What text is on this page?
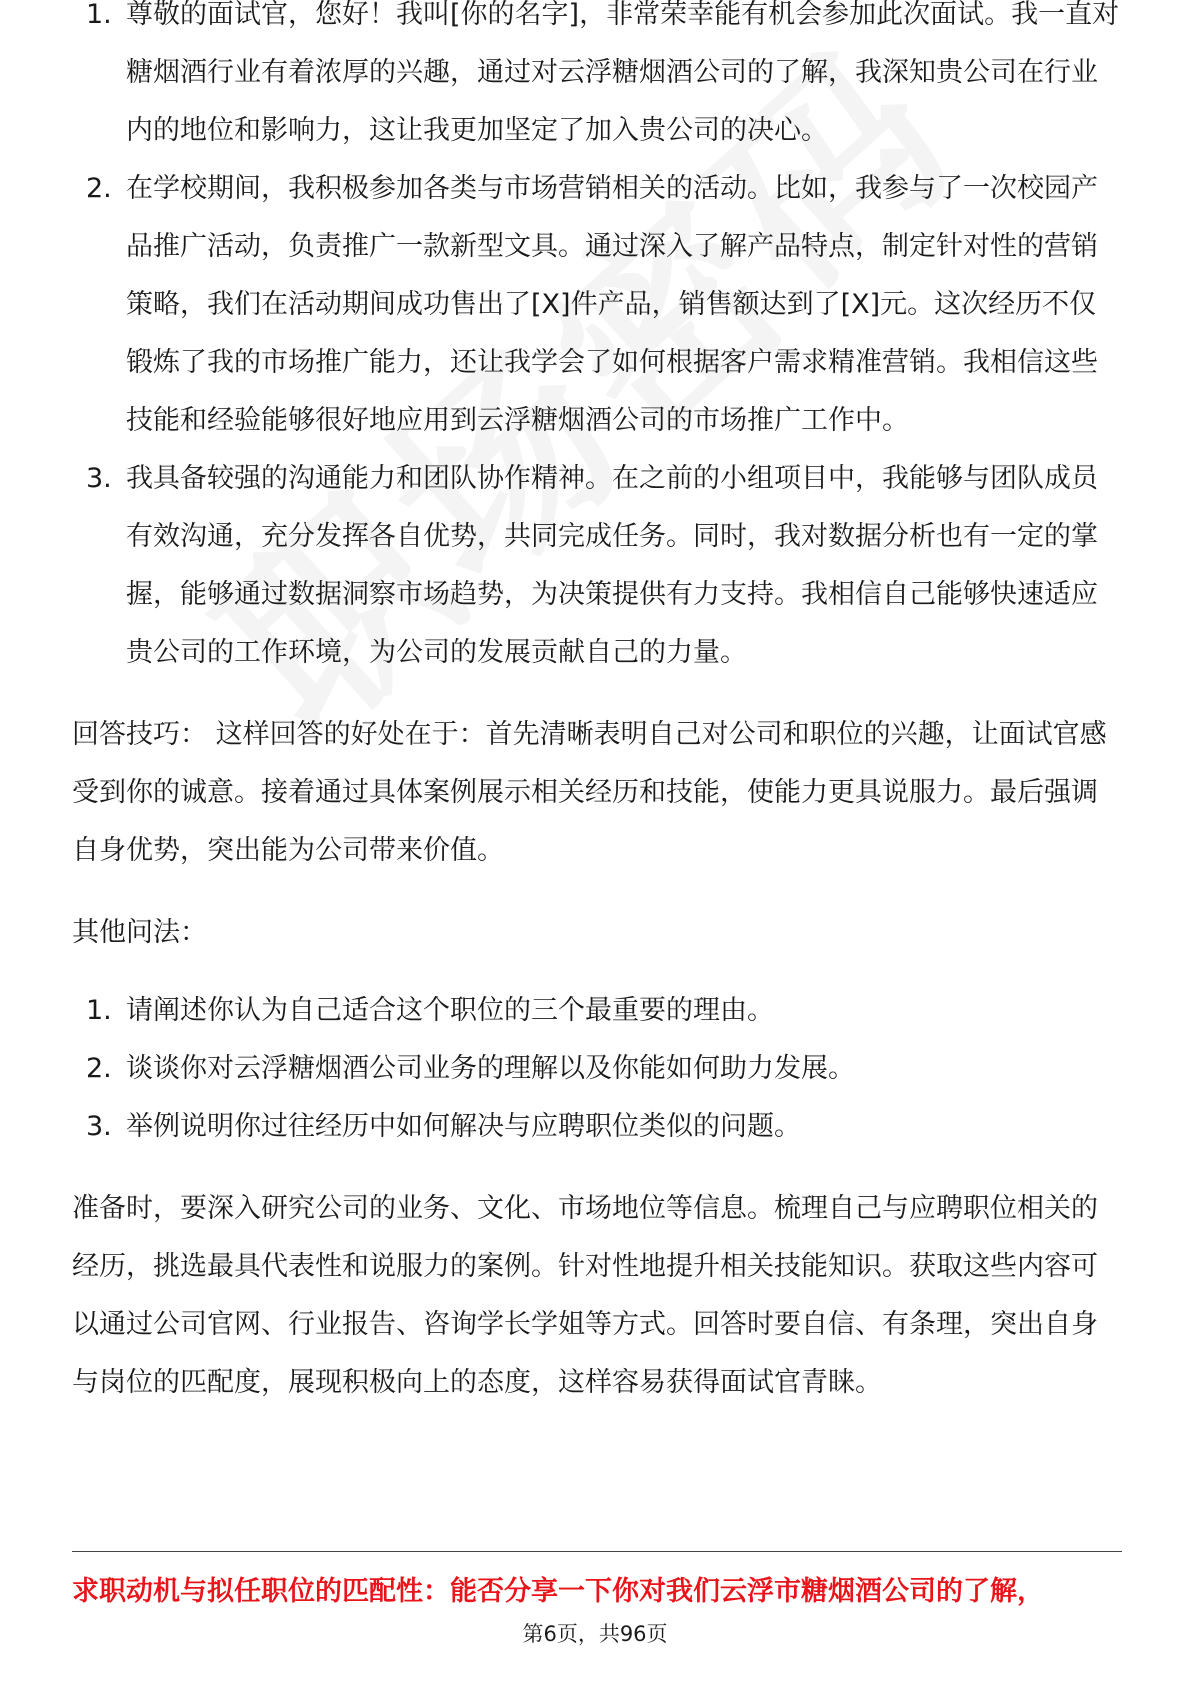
1. 尊敬的面试官，您好！我叫[你的名字]，非常荣幸能有机会参加此次面试。我一直对糖烟酒行业有着浓厚的兴趣，通过对云浮糖烟酒公司的了解，我深知贵公司在行业内的地位和影响力，这让我更加坚定了加入贵公司的决心。
2. 在学校期间，我积极参加各类与市场营销相关的活动。比如，我参与了一次校园产品推广活动，负责推广一款新型文具。通过深入了解产品特点，制定针对性的营销策略，我们在活动期间成功售出了[X]件产品，销售额达到了[X]元。这次经历不仅锻炼了我的市场推广能力，还让我学会了如何根据客户需求精准营销。我相信这些技能和经验能够很好地应用到云浮糖烟酒公司的市场推广工作中。
3. 我具备较强的沟通能力和团队协作精神。在之前的小组项目中，我能够与团队成员有效沟通，充分发挥各自优势，共同完成任务。同时，我对数据分析也有一定的掌握，能够通过数据洞察市场趋势，为决策提供有力支持。我相信自己能够快速适应贵公司的工作环境，为公司的发展贡献自己的力量。

回答技巧： 这样回答的好处在于：首先清晰表明自己对公司和职位的兴趣，让面试官感受到你的诚意。接着通过具体案例展示相关经历和技能，使能力更具说服力。最后强调自身优势，突出能为公司带来价值。

其他问法：

1. 请阐述你认为自己适合这个职位的三个最重要的理由。
2. 谈谈你对云浮糖烟酒公司业务的理解以及你能如何助力发展。
3. 举例说明你过往经历中如何解决与应聘职位类似的问题。

准备时，要深入研究公司的业务、文化、市场地位等信息。梳理自己与应聘职位相关的经历，挑选最具代表性和说服力的案例。针对性地提升相关技能知识。获取这些内容可以通过公司官网、行业报告、咨询学长学姐等方式。回答时要自信、有条理，突出自身与岗位的匹配度，展现积极向上的态度，这样容易获得面试官青睐。

求职动机与拟任职位的匹配性：能否分享一下你对我们云浮市糖烟酒公司的了解，
第6页，共96页
